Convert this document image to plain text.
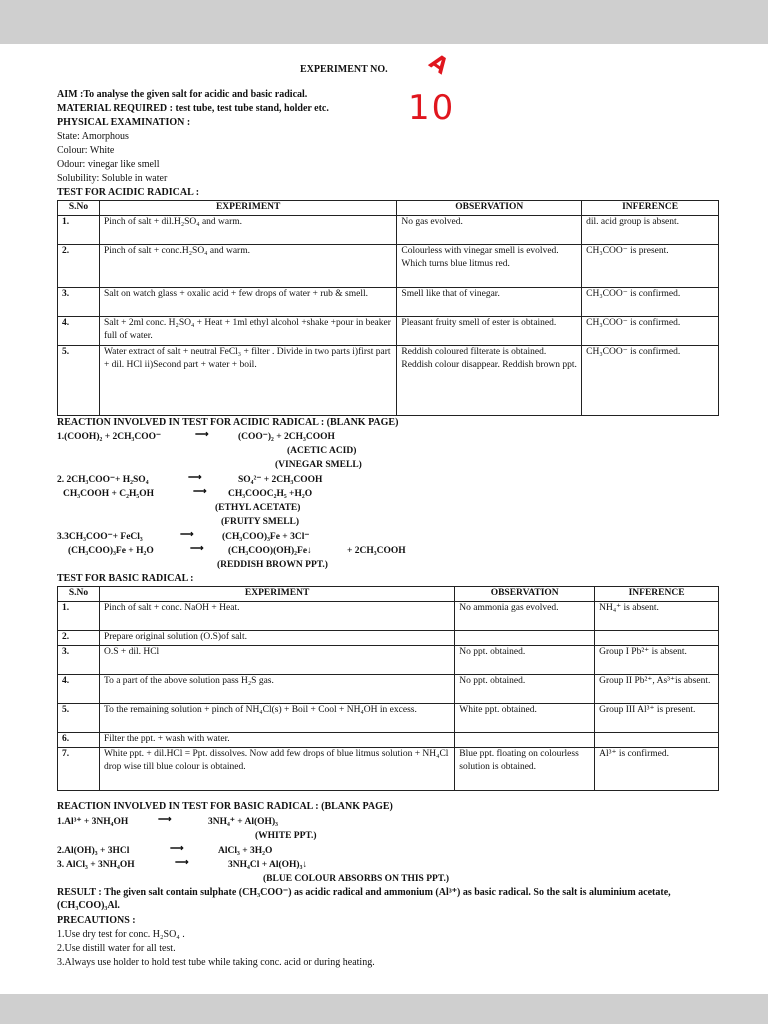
EXPERIMENT NO. A
10
AIM :To analyse the given salt for acidic and basic radical.
MATERIAL REQUIRED : test tube, test tube stand, holder etc.
PHYSICAL EXAMINATION :
State: Amorphous
Colour: White
Odour: vinegar like smell
Solubility: Soluble in water
TEST FOR ACIDIC RADICAL :
S.No	EXPERIMENT	OBSERVATION	INFERENCE
1.	Pinch of salt + dil.H₂SO₄ and warm.	No gas evolved.	dil. acid group is absent.
2.	Pinch of salt + conc.H₂SO₄ and warm.	Colourless with vinegar smell is evolved. Which turns blue litmus red.	CH₃COO⁻ is present.
3.	Salt on watch glass + oxalic acid + few drops of water + rub & smell.	Smell like that of vinegar.	CH₃COO⁻ is confirmed.
4.	Salt + 2ml conc. H₂SO₄ + Heat + 1ml ethyl alcohol +shake +pour in beaker full of water.	Pleasant fruity smell of ester is obtained.	CH₃COO⁻ is confirmed.
5.	Water extract of salt + neutral FeCl₃ + filter . Divide in two parts i)first part + dil. HCl ii)Second part + water + boil.	Reddish coloured filterate is obtained. Reddish colour disappear. Reddish brown ppt.	CH₃COO⁻ is confirmed.
REACTION INVOLVED IN TEST FOR ACIDIC RADICAL : (BLANK PAGE)
1.(COOH)₂ + 2CH₃COO⁻	⟶	(COO⁻)₂ + 2CH₃COOH
(ACETIC ACID)
(VINEGAR SMELL)
2. 2CH₃COO⁻+ H₂SO₄	⟶	SO₄²⁻ + 2CH₃COOH
CH₃COOH + C₂H₅OH	⟶ CH₃COOC₂H₅ +H₂O
(ETHYL ACETATE)
(FRUITY SMELL)
3.3CH₃COO⁻+ FeCl₃	⟶	(CH₃COO)₃Fe + 3Cl⁻
(CH₃COO)₃Fe + H₂O	⟶	(CH₃COO)(OH)₂Fe↓	+ 2CH₃COOH
(REDDISH BROWN PPT.)
TEST FOR BASIC RADICAL :
S.No	EXPERIMENT	OBSERVATION	INFERENCE
1.	Pinch of salt + conc. NaOH + Heat.	No ammonia gas evolved.	NH₄⁺ is absent.
2.	Prepare original solution (O.S)of salt.		
3.	O.S + dil. HCl	No ppt. obtained.	Group I Pb²⁺ is absent.
4.	To a part of the above solution pass H₂S gas.	No ppt. obtained.	Group II Pb²⁺, As³⁺is absent.
5.	To the remaining solution + pinch of NH₄Cl(s) + Boil + Cool + NH₄OH in excess.	White ppt. obtained.	Group III Al³⁺ is present.
6.	Filter the ppt. + wash with water.		
7.	White ppt. + dil.HCl = Ppt. dissolves. Now add few drops of blue litmus solution + NH₄Cl drop wise till blue colour is obtained.	Blue ppt. floating on colourless solution is obtained.	Al³⁺ is confirmed.
REACTION INVOLVED IN TEST FOR BASIC RADICAL : (BLANK PAGE)
1.Al³⁺ + 3NH₄OH	⟶	3NH₄⁺ + Al(OH)₃
(WHITE PPT.)
2.Al(OH)₃ + 3HCl	⟶	AlCl₃ + 3H₂O
3. AlCl₃ + 3NH₄OH	⟶	3NH₄Cl + Al(OH)₃↓
(BLUE COLOUR ABSORBS ON THIS PPT.)
RESULT : The given salt contain sulphate (CH₃COO⁻) as acidic radical and ammonium (Al³⁺) as basic radical. So the salt is aluminium acetate, (CH₃COO)₃Al.
PRECAUTIONS :
1.Use dry test for conc. H₂SO₄ .
2.Use distill water for all test.
3.Always use holder to hold test tube while taking conc. acid or during heating.
